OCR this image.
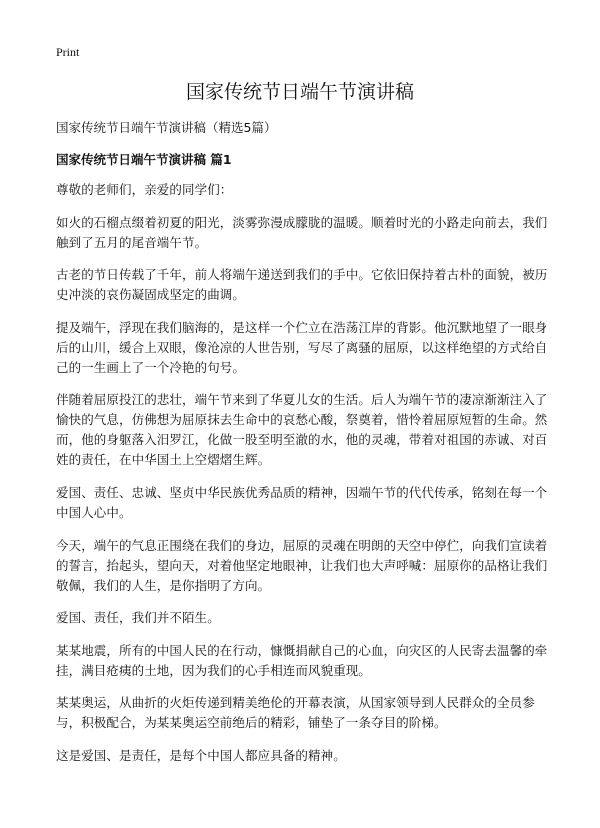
Print
国家传统节日端午节演讲稿

国家传统节日端午节演讲稿（精选5篇）

国家传统节日端午节演讲稿 篇1

尊敬的老师们，亲爱的同学们：

如火的石榴点缀着初夏的阳光，淡雾弥漫成朦胧的温暖。顺着时光的小路走向前去，我们触到了五月的尾音端午节。

古老的节日传载了千年，前人将端午递送到我们的手中。它依旧保持着古朴的面貌，被历史冲淡的哀伤凝固成坚定的曲调。

提及端午，浮现在我们脑海的，是这样一个伫立在浩荡江岸的背影。他沉默地望了一眼身后的山川，缓合上双眼，像沧凉的人世告别，写尽了离骚的屈原，以这样绝望的方式给自己的一生画上了一个冷艳的句号。

伴随着屈原投江的悲壮，端午节来到了华夏儿女的生活。后人为端午节的凄凉渐渐注入了愉快的气息，仿佛想为屈原抹去生命中的哀愁心酸，祭奠着，惜怜着屈原短暂的生命。然而，他的身躯落入汨罗江，化做一股至明至澈的水，他的灵魂，带着对祖国的赤诚、对百姓的责任，在中华国土上空熠熠生辉。

爱国、责任、忠诚、坚贞中华民族优秀品质的精神，因端午节的代代传承，铭刻在每一个中国人心中。

今天，端午的气息正围绕在我们的身边，屈原的灵魂在明朗的天空中停伫，向我们宣读着的誓言，抬起头，望向天，对着他坚定地眼神，让我们也大声呼喊：屈原你的品格让我们敬佩，我们的人生，是你指明了方向。

爱国、责任，我们并不陌生。

某某地震，所有的中国人民的在行动，慷慨捐献自己的心血，向灾区的人民寄去温馨的牵挂，满目疮痍的土地，因为我们的心手相连而风貌重现。

某某奥运，从曲折的火炬传递到精美绝伦的开幕表演，从国家领导到人民群众的全员参与，积极配合，为某某奥运空前绝后的精彩，铺垫了一条夺目的阶梯。

这是爱国、是责任，是每个中国人都应具备的精神。
